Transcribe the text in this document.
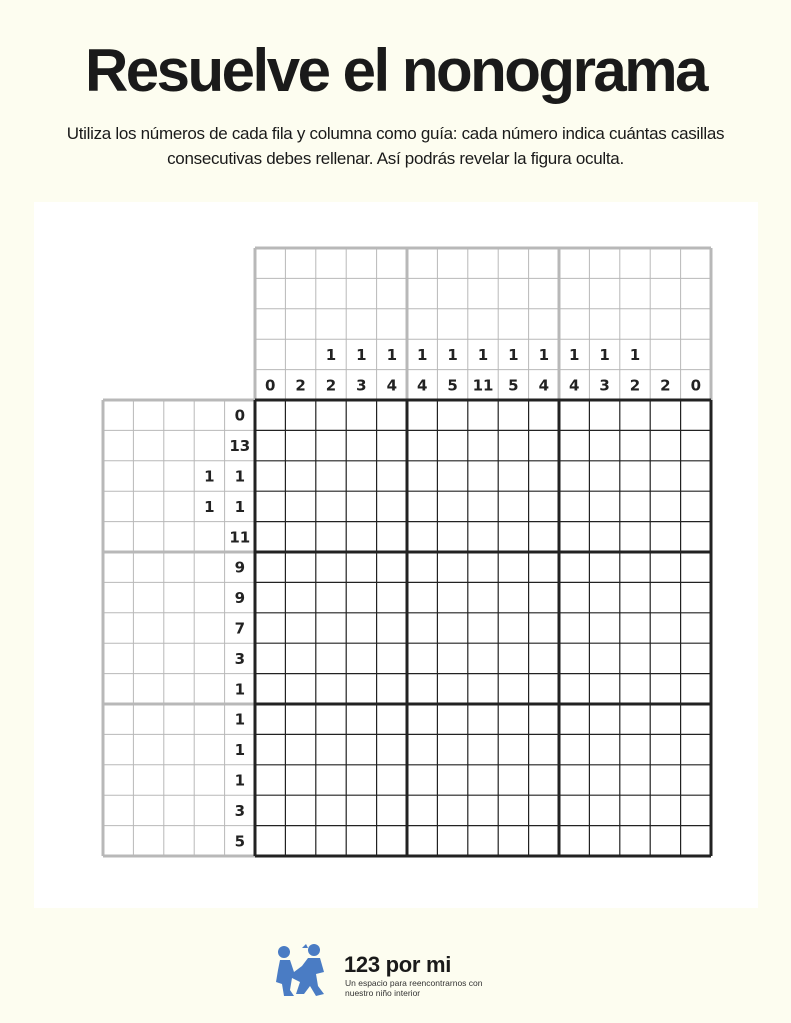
Resuelve el nonograma
Utiliza los números de cada fila y columna como guía: cada número indica cuántas casillas consecutivas debes rellenar. Así podrás revelar la figura oculta.
0 2
1
2
1
3
1
4
1
4
1
5
1
11
1
5
1
4
1
4
1
3
1
2 2 0
0
13
1 1
1 1
11
9
9
7
3
1
1
1
1
3
5
123 por mi
Un espacio para reencontrarnos con nuestro niño interior
